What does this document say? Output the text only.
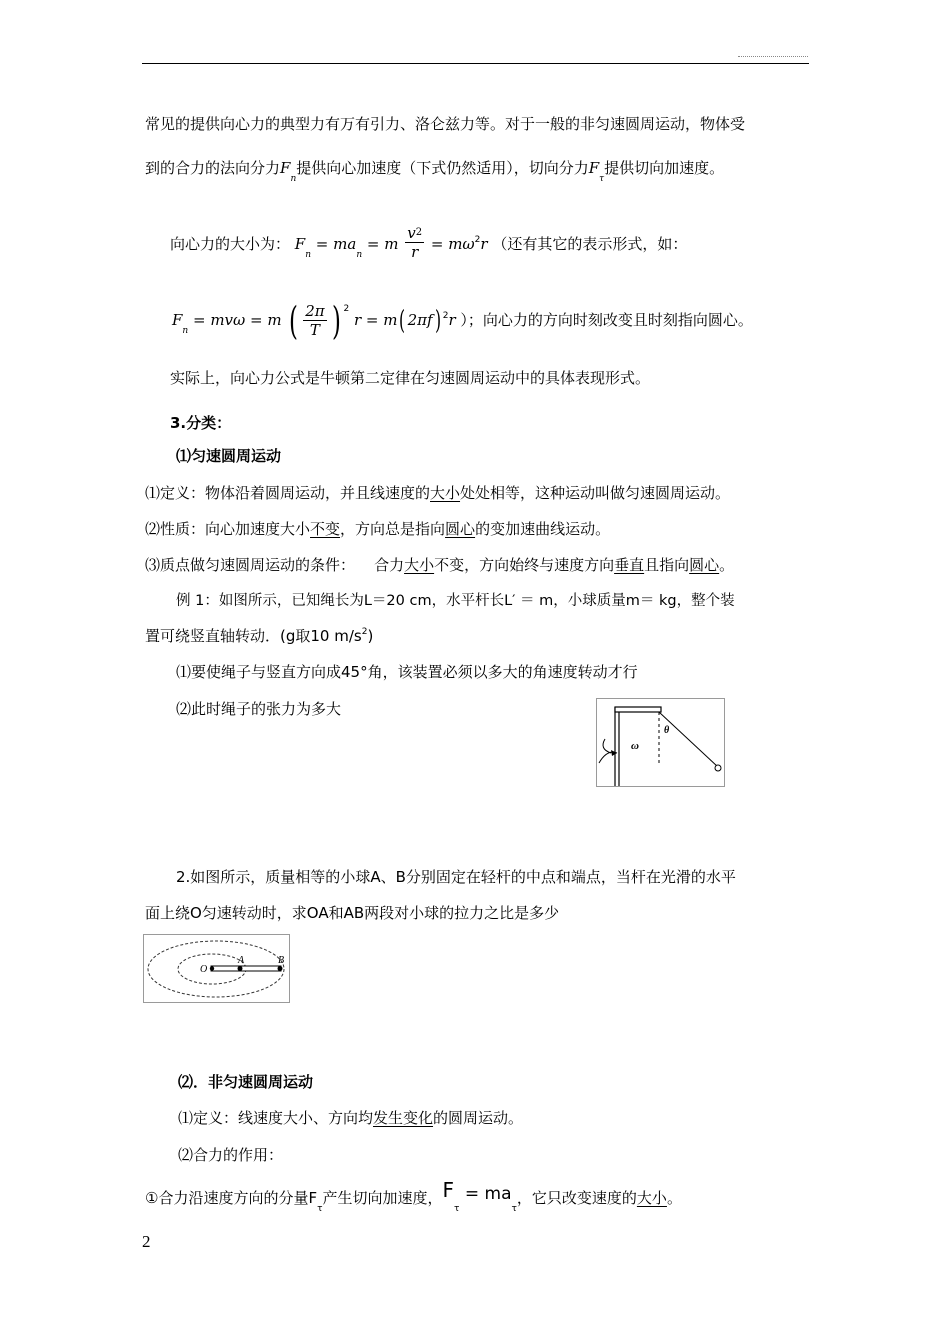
常见的提供向心力的典型力有万有引力、洛仑兹力等。对于一般的非匀速圆周运动，物体受
到的合力的法向分力$F_n$提供向心加速度（下式仍然适用），切向分力$F_\tau$提供切向加速度。
向心力的大小为： $F_n = ma_n = m \frac{v^2}{r} = m\omega^2r$ （还有其它的表示形式，如：
$F_n = mv\omega = m$ ( $\frac{2\pi}{T}$ ) $^2$ r = m( 2πf) $^2$r ）；向心力的方向时刻改变且时刻指向圆心。
实际上，向心力公式是牛顿第二定律在匀速圆周运动中的具体表现形式。
3.分类：
⑴匀速圆周运动
⑴定义：物体沿着圆周运动，并且线速度的大小处处相等，这种运动叫做匀速圆周运动。
⑵性质：向心加速度大小不变，方向总是指向圆心的变加速曲线运动。
⑶质点做匀速圆周运动的条件：    合力大小不变，方向始终与速度方向垂直且指向圆心。
例 1：如图所示，已知绳长为L＝20 cm，水平杆长L′ ＝ m，小球质量m＝ kg，整个装
置可绕竖直轴转动．(g取10 $m/s^2$)
⑴要使绳子与竖直方向成45°角，该装置必须以多大的角速度转动才行
⑵此时绳子的张力为多大
ω
θ
2.如图所示，质量相等的小球A、B分别固定在轻杆的中点和端点，当杆在光滑的水平
面上绕O匀速转动时，求OA和AB两段对小球的拉力之比是多少
O
A	B
⑵．非匀速圆周运动
⑴定义：线速度大小、方向均发生变化的圆周运动。
⑵合力的作用：
①合力沿速度方向的分量$F_\tau$产生切向加速度，$F_\tau = ma_\tau$，它只改变速度的大小。
2
